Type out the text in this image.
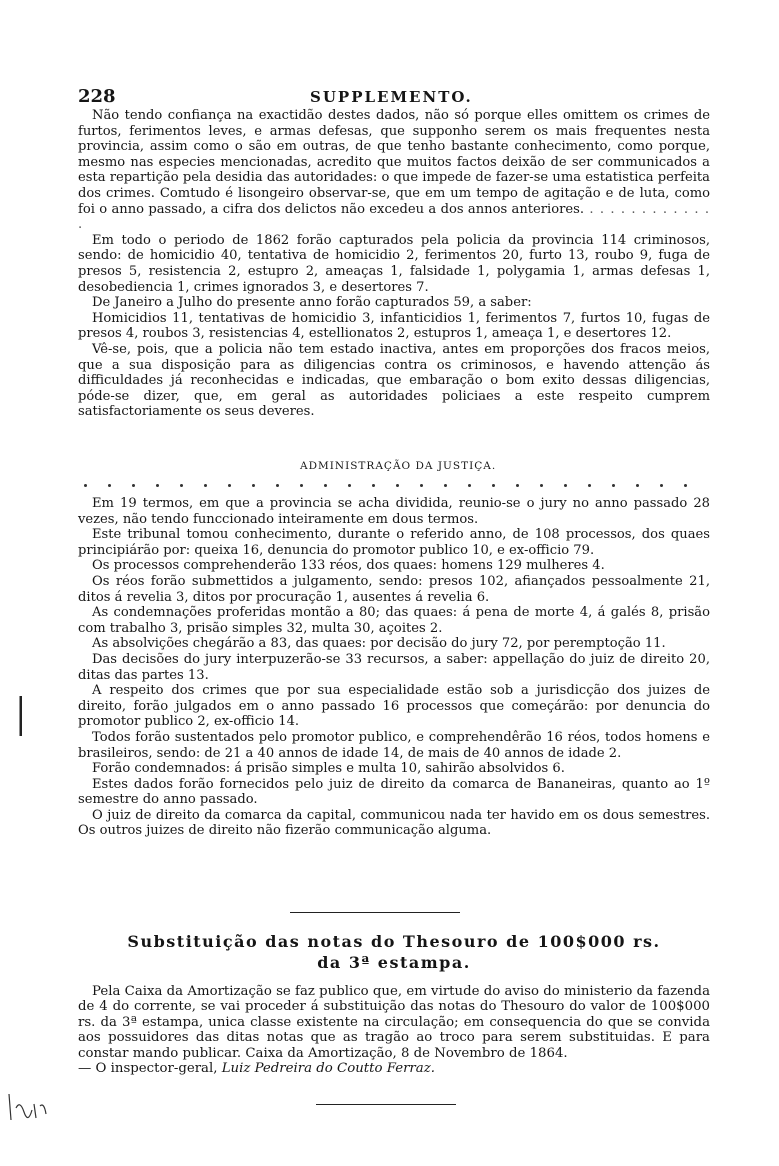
228	SUPPLEMENTO.

Não tendo confiança na exactidão destes dados, não só porque elles omittem os crimes de furtos, ferimentos leves, e armas defesas, que supponho serem os mais frequentes nesta provincia, assim como o são em outras, de que tenho bastante conhecimento, como porque, mesmo nas especies mencionadas, acredito que muitos factos deixão de ser communicados a esta repartição pela desidia das autoridades: o que impede de fazer-se uma estatistica perfeita dos crimes. Comtudo é lisongeiro observar-se, que em um tempo de agitação e de luta, como foi o anno passado, a cifra dos delictos não excedeu a dos annos anteriores. . . . . . . . . . . . . .

Em todo o periodo de 1862 forão capturados pela policia da provincia 114 criminosos, sendo: de homicidio 40, tentativa de homicidio 2, ferimentos 20, furto 13, roubo 9, fuga de presos 5, resistencia 2, estupro 2, ameaças 1, falsidade 1, polygamia 1, armas defesas 1, desobediencia 1, crimes ignorados 3, e desertores 7.

De Janeiro a Julho do presente anno forão capturados 59, a saber:

Homicidios 11, tentativas de homicidio 3, infanticidios 1, ferimentos 7, furtos 10, fugas de presos 4, roubos 3, resistencias 4, estellionatos 2, estupros 1, ameaça 1, e desertores 12.

Vê-se, pois, que a policia não tem estado inactiva, antes em proporções dos fracos meios, que a sua disposição para as diligencias contra os criminosos, e havendo attenção ás difficuldades já reconhecidas e indicadas, que embaração o bom exito dessas diligencias, póde-se dizer, que, em geral as autoridades policiaes a este respeito cumprem satisfactoriamente os seus deveres.

ADMINISTRAÇÃO DA JUSTIÇA.

Em 19 termos, em que a provincia se acha dividida, reunio-se o jury no anno passado 28 vezes, não tendo funccionado inteiramente em dous termos.

Este tribunal tomou conhecimento, durante o referido anno, de 108 processos, dos quaes principiárão por: queixa 16, denuncia do promotor publico 10, e ex-officio 79.

Os processos comprehenderão 133 réos, dos quaes: homens 129 mulheres 4.

Os réos forão submettidos a julgamento, sendo: presos 102, afiançados pessoalmente 21, ditos á revelia 3, ditos por procuração 1, ausentes á revelia 6.

As condemnações proferidas montão a 80; das quaes: á pena de morte 4, á galés 8, prisão com trabalho 3, prisão simples 32, multa 30, açoites 2.

As absolvições chegárão a 83, das quaes: por decisão do jury 72, por peremptoção 11.

Das decisões do jury interpuzerão-se 33 recursos, a saber: appellação do juiz de direito 20, ditas das partes 13.

A respeito dos crimes que por sua especialidade estão sob a jurisdicção dos juizes de direito, forão julgados em o anno passado 16 processos que começárão: por denuncia do promotor publico 2, ex-officio 14.

Todos forão sustentados pelo promotor publico, e comprehendêrão 16 réos, todos homens e brasileiros, sendo: de 21 a 40 annos de idade 14, de mais de 40 annos de idade 2.

Forão condemnados: á prisão simples e multa 10, sahirão absolvidos 6.

Estes dados forão fornecidos pelo juiz de direito da comarca de Bananeiras, quanto ao 1º semestre do anno passado.

O juiz de direito da comarca da capital, communicou nada ter havido em os dous semestres. Os outros juizes de direito não fizerão communicação alguma.

Substituição das notas do Thesouro de 100$000 rs.
da 3ª estampa.

Pela Caixa da Amortização se faz publico que, em virtude do aviso do ministerio da fazenda de 4 do corrente, se vai proceder á substituição das notas do Thesouro do valor de 100$000 rs. da 3ª estampa, unica classe existente na circulação; em consequencia do que se convida aos possuidores das ditas notas que as tragão ao troco para serem substituidas. E para constar mando publicar. Caixa da Amortização, 8 de Novembro de 1864.
— O inspector-geral, Luiz Pedreira do Coutto Ferraz.
